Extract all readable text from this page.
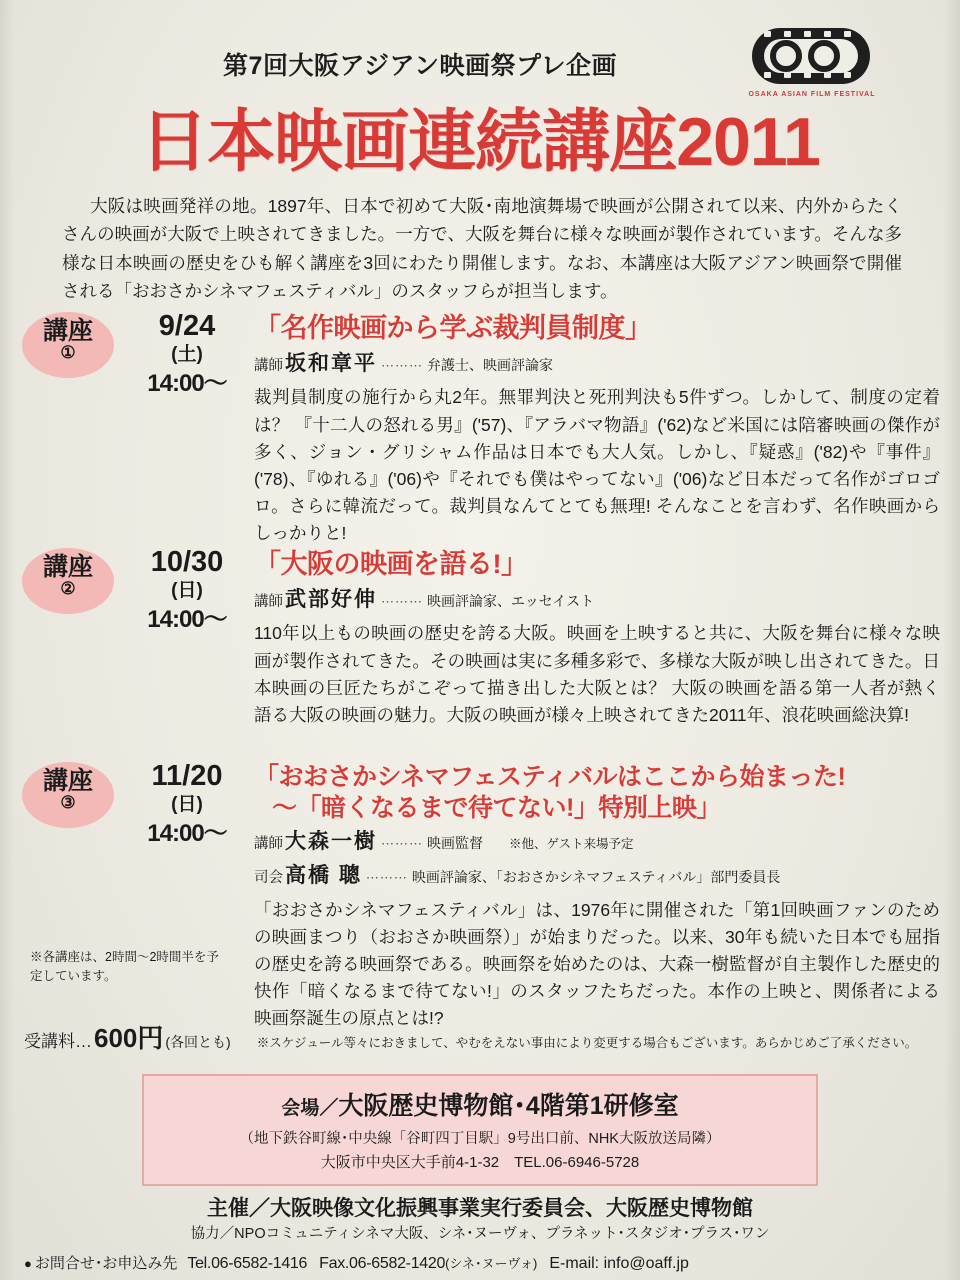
第7回大阪アジアン映画祭プレ企画
OSAKA ASIAN FILM FESTIVAL
日本映画連続講座2011
大阪は映画発祥の地。1897年、日本で初めて大阪･南地演舞場で映画が公開されて以来、内外からたくさんの映画が大阪で上映されてきました。一方で、大阪を舞台に様々な映画が製作されています。そんな多様な日本映画の歴史をひも解く講座を3回にわたり開催します。なお、本講座は大阪アジアン映画祭で開催される「おおさかシネマフェスティバル」のスタッフらが担当します。
講座
①
9/24
(土)
14:00〜
「名作映画から学ぶ裁判員制度」
講師 坂和章平 ⋯⋯⋯ 弁護士、映画評論家
裁判員制度の施行から丸2年。無罪判決と死刑判決も5件ずつ。しかして、制度の定着は？ 『十二人の怒れる男』('57)、『アラバマ物語』('62)など米国には陪審映画の傑作が多く、ジョン・グリシャム作品は日本でも大人気。しかし、『疑惑』('82)や『事件』('78)、『ゆれる』('06)や『それでも僕はやってない』('06)など日本だって名作がゴロゴロ。さらに韓流だって。裁判員なんてとても無理! そんなことを言わず、名作映画からしっかりと!
講座
②
10/30
(日)
14:00〜
「大阪の映画を語る!」
講師 武部好伸 ⋯⋯⋯ 映画評論家、エッセイスト
110年以上もの映画の歴史を誇る大阪。映画を上映すると共に、大阪を舞台に様々な映画が製作されてきた。その映画は実に多種多彩で、多様な大阪が映し出されてきた。日本映画の巨匠たちがこぞって描き出した大阪とは？ 大阪の映画を語る第一人者が熱く語る大阪の映画の魅力。大阪の映画が様々上映されてきた2011年、浪花映画総決算!
講座
③
11/20
(日)
14:00〜
「おおさかシネマフェスティバルはここから始まった!
〜「暗くなるまで待てない!」特別上映」
講師 大森一樹 ⋯⋯⋯ 映画監督 ※他、ゲスト来場予定
司会 高橋 聰 ⋯⋯⋯ 映画評論家、「おおさかシネマフェスティバル」部門委員長
「おおさかシネマフェスティバル」は、1976年に開催された「第1回映画ファンのための映画まつり（おおさか映画祭）」が始まりだった。以来、30年も続いた日本でも屈指の歴史を誇る映画祭である。映画祭を始めたのは、大森一樹監督が自主製作した歴史的快作「暗くなるまで待てない!」のスタッフたちだった。本作の上映と、関係者による映画祭誕生の原点とは!?
※各講座は、2時間〜2時間半を予定しています。
受講料… 600円 (各回とも) ※スケジュール等々におきまして、やむをえない事由により変更する場合もございます。あらかじめご了承ください。
会場／大阪歴史博物館･4階第1研修室
（地下鉄谷町線･中央線「谷町四丁目駅」9号出口前、NHK大阪放送局隣）
大阪市中央区大手前4-1-32　TEL.06-6946-5728
主催／大阪映像文化振興事業実行委員会、大阪歴史博物館
協力／NPOコミュニティシネマ大阪、シネ･ヌーヴォ、プラネット･スタジオ･プラス･ワン
● お問合せ･お申込み先 Tel.06-6582-1416 Fax.06-6582-1420 (シネ･ヌーヴォ) E-mail: info@oaff.jp
